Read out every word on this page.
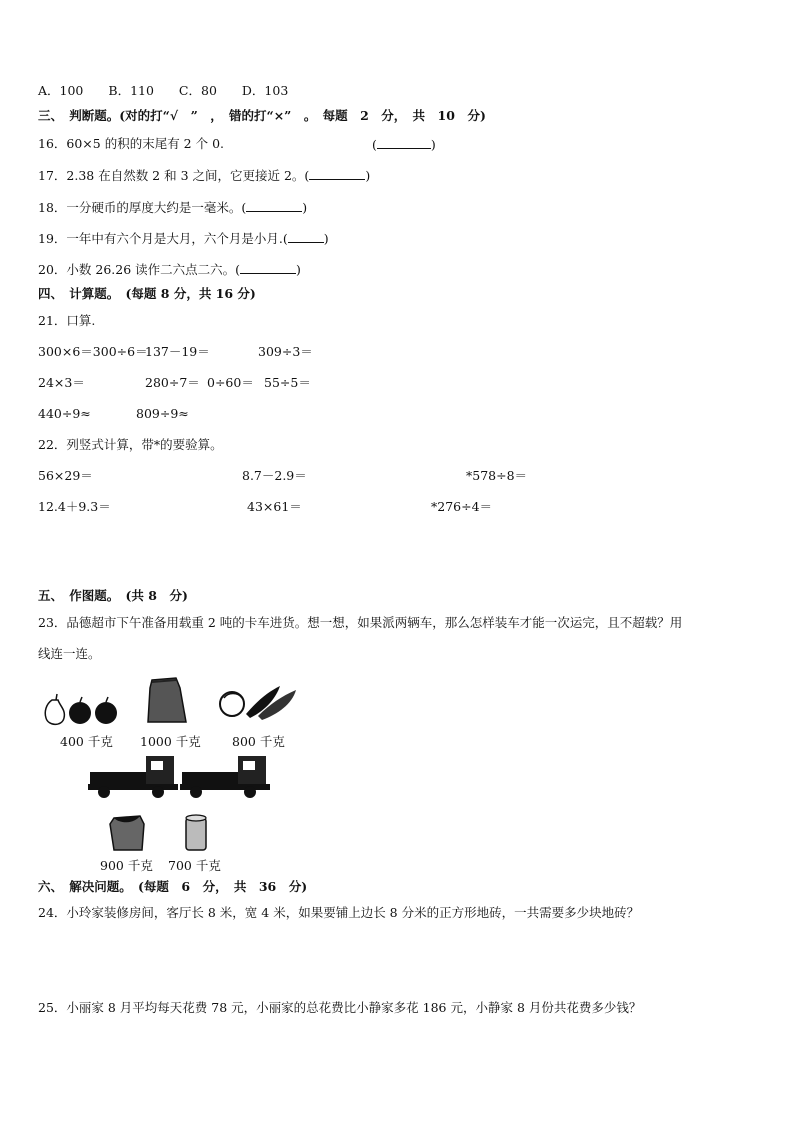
A．100　　B．110　　C．80　　D．103
三、　判断题。(对的打“√　”　，　错的打“×”　。　每题　2　分，　共　10　分)
16．60×5 的积的末尾有 2 个 0.	(	)
17．2.38 在自然数 2 和 3 之间，它更接近 2。(	)
18．一分硬币的厚度大约是一毫米。(	)
19．一年中有六个月是大月，六个月是小月.(	)
20．小数 26.26 读作二六点二六。(	)
四、　计算题。　(每题 8 分，共 16 分)
21．口算.
300×6＝300÷6＝
137－19＝	309÷3＝
24×3＝	280÷7＝ 0÷60＝ 55÷5＝
440÷9≈	809÷9≈
22．列竖式计算，带*的要验算。
56×29＝	8.7－2.9＝	*578÷8＝
12.4＋9.3＝	43×61＝	*276÷4＝
五、　作图题。　(共 8　分)
23．品德超市下午准备用载重 2 吨的卡车进货。想一想，如果派两辆车，那么怎样装车才能一次运完，且不超载？用
线连一连。
400 千克 1000 千克 800 千克
900 千克 700 千克
六、　解决问题。　(每题　6　分，　共　36　分)
24．小玲家装修房间，客厅长 8 米，宽 4 米，如果要铺上边长 8 分米的正方形地砖，一共需要多少块地砖？
25．小丽家 8 月平均每天花费 78 元，小丽家的总花费比小静家多花 186 元，小静家 8 月份共花费多少钱？
